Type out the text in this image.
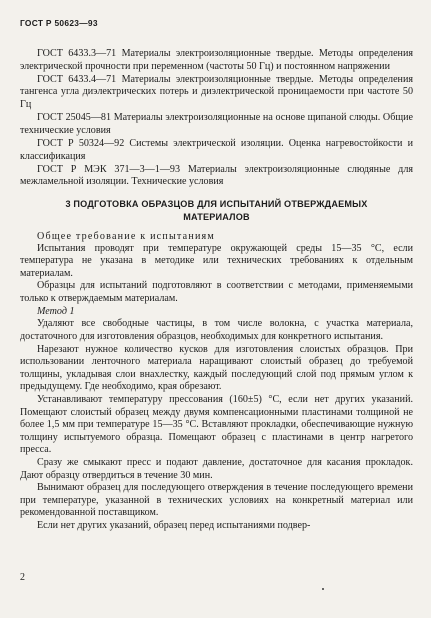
ГОСТ Р 50623—93

ГОСТ 6433.3—71 Материалы электроизоляционные твердые. Методы определения электрической прочности при переменном (частоты 50 Гц) и постоянном напряжении

ГОСТ 6433.4—71 Материалы электроизоляционные твердые. Методы определения тангенса угла диэлектрических потерь и диэлектрической проницаемости при частоте 50 Гц

ГОСТ 25045—81 Материалы электроизоляционные на основе щипаной слюды. Общие технические условия

ГОСТ Р 50324—92 Системы электрической изоляции. Оценка нагревостойкости и классификация

ГОСТ Р МЭК 371—3—1—93 Материалы электроизоляционные слюдяные для межламельной изоляции. Технические условия

3 ПОДГОТОВКА ОБРАЗЦОВ ДЛЯ ИСПЫТАНИЙ ОТВЕРЖДАЕМЫХ
МАТЕРИАЛОВ
Общее требование к испытаниям

Испытания проводят при температуре окружающей среды 15—35 °С, если температура не указана в методике или технических требованиях к отдельным материалам.

Образцы для испытаний подготовляют в соответствии с методами, применяемыми только к отверждаемым материалам.

Метод 1

Удаляют все свободные частицы, в том числе волокна, с участка материала, достаточного для изготовления образцов, необходимых для конкретного испытания.

Нарезают нужное количество кусков для изготовления слоистых образцов. При использовании ленточного материала наращивают слоистый образец до требуемой толщины, укладывая слои внахлестку, каждый последующий слой под прямым углом к предыдущему. Где необходимо, края обрезают.

Устанавливают температуру прессования (160±5) °С, если нет других указаний. Помещают слоистый образец между двумя компенсационными пластинами толщиной не более 1,5 мм при температуре 15—35 °С. Вставляют прокладки, обеспечивающие нужную толщину испытуемого образца. Помещают образец с пластинами в центр нагретого пресса.

Сразу же смыкают пресс и подают давление, достаточное для касания прокладок. Дают образцу отвердиться в течение 30 мин.

Вынимают образец для последующего отверждения в течение последующего времени при температуре, указанной в технических условиях на конкретный материал или рекомендованной поставщиком.

Если нет других указаний, образец перед испытаниями подвер-

2
